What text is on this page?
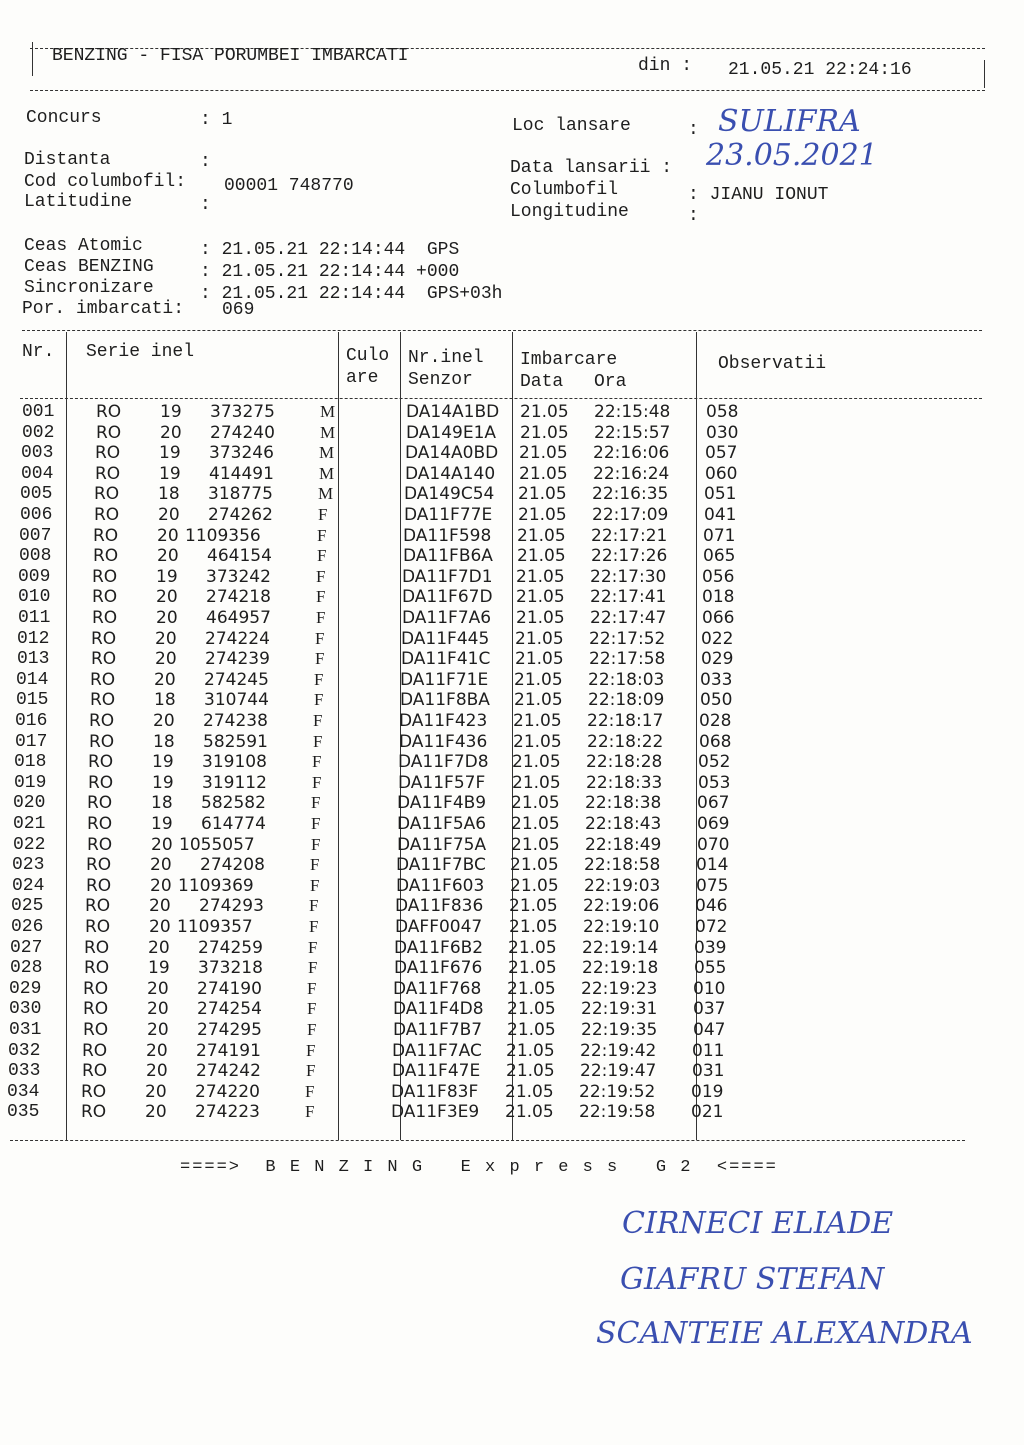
BENZING - FISA PORUMBEI IMBARCATI	din : 21.05.21 22:24:16
Concurs	: 1
Distanta	:
Cod columbofil: 00001 748770
Latitudine	:
Loc lansare	: SULIFRA
Data lansarii : 23.05.2021
Columbofil	: JIANU IONUT
Longitudine	:
Ceas Atomic	: 21.05.21 22:14:44  GPS
Ceas BENZING	: 21.05.21 22:14:44 +000
Sincronizare	: 21.05.21 22:14:44  GPS+03h
Por. imbarcati: 069
Nr. Serie inel	Culo
are
Nr.inel
Senzor
Imbarcare
Data Ora
Observatii
001 RO 19 373275	M	DA14A1BD 21.05 22:15:48 058
002 RO 20 274240	M	DA149E1A 21.05 22:15:57 030
003 RO 19 373246	M	DA14A0BD 21.05 22:16:06 057
004 RO 19 414491	M	DA14A140 21.05 22:16:24 060
005 RO 18 318775	M	DA149C54 21.05 22:16:35 051
006 RO 20 274262	F	DA11F77E 21.05 22:17:09 041
007 RO 20 1109356	F	DA11F598 21.05 22:17:21 071
008 RO 20 464154	F	DA11FB6A 21.05 22:17:26 065
009 RO 19 373242	F	DA11F7D1 21.05 22:17:30 056
010 RO 20 274218	F	DA11F67D 21.05 22:17:41 018
011 RO 20 464957	F	DA11F7A6 21.05 22:17:47 066
012 RO 20 274224	F	DA11F445 21.05 22:17:52 022
013 RO 20 274239	F	DA11F41C 21.05 22:17:58 029
014 RO 20 274245	F	DA11F71E 21.05 22:18:03 033
015 RO 18 310744	F	DA11F8BA 21.05 22:18:09 050
016 RO 20 274238	F	DA11F423 21.05 22:18:17 028
017 RO 18 582591	F	DA11F436 21.05 22:18:22 068
018 RO 19 319108	F	DA11F7D8 21.05 22:18:28 052
019 RO 19 319112	F	DA11F57F 21.05 22:18:33 053
020 RO 18 582582	F	DA11F4B9 21.05 22:18:38 067
021 RO 19 614774	F	DA11F5A6 21.05 22:18:43 069
022 RO 20 1055057	F	DA11F75A 21.05 22:18:49 070
023 RO 20 274208	F	DA11F7BC 21.05 22:18:58 014
024 RO 20 1109369	F	DA11F603 21.05 22:19:03 075
025 RO 20 274293	F	DA11F836 21.05 22:19:06 046
026 RO 20 1109357	F	DAFF0047 21.05 22:19:10 072
027 RO 20 274259	F	DA11F6B2 21.05 22:19:14 039
028 RO 19 373218	F	DA11F676 21.05 22:19:18 055
029 RO 20 274190	F	DA11F768 21.05 22:19:23 010
030 RO 20 274254	F	DA11F4D8 21.05 22:19:31 037
031 RO 20 274295	F	DA11F7B7 21.05 22:19:35 047
032 RO 20 274191	F	DA11F7AC 21.05 22:19:42 011
033 RO 20 274242	F	DA11F47E 21.05 22:19:47 031
034 RO 20 274220	F	DA11F83F 21.05 22:19:52 019
035 RO 20 274223	F	DA11F3E9 21.05 22:19:58 021
====>  B E N Z I N G   E x p r e s s   G 2  <====
CIRNECI ELIADE
GIAFRU STEFAN
SCANTEIE ALEXANDRA
